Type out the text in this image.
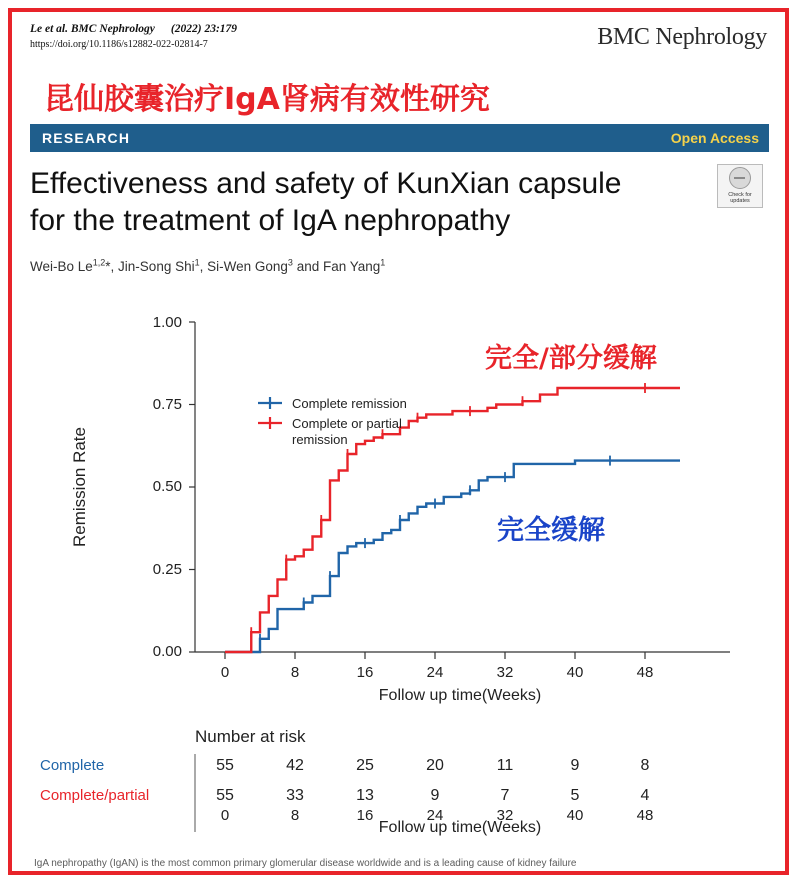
Le et al. BMC Nephrology (2022) 23:179
https://doi.org/10.1186/s12882-022-02814-7	BMC Nephrology
昆仙胶囊治疗IgA肾病有效性研究
RESEARCH	Open Access
Effectiveness and safety of KunXian capsule
for the treatment of IgA nephropathy
Wei-Bo Le$^{1,2}$*, Jin-Song Shi$^1$, Si-Wen Gong$^3$ and Fan Yang$^1$
Check for
updates
0.00
0.25
0.50
0.75
1.00
0	8	16	24	32	40	48
Follow up time(Weeks)
Remission Rate
Complete remission
Complete or partial
remission
Number at risk
Complete	55	42	25	20	11	9	8
Complete/partial	55	33	13	9	7	5	4
0	8	16	24	32	40	48
Follow up time(Weeks)
完全/部分缓解
完全缓解
IgA nephropathy (IgAN) is the most common primary glomerular disease worldwide and is a leading cause of kidney failure
